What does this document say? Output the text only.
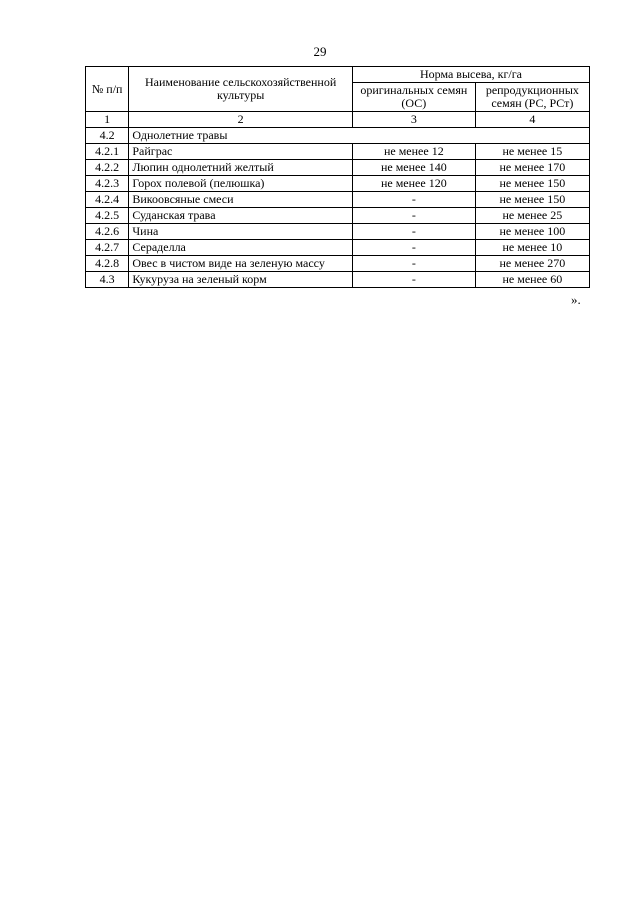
29
№ п/п	Наименование сельскохозяйственной культуры	Норма высева, кг/га	
		оригинальных семян (ОС)	репродукционных семян (РС, РСт)
1	2	3	4
4.2	Однолетние травы		
4.2.1	Райграс	не менее 12	не менее 15
4.2.2	Люпин однолетний желтый	не менее 140	не менее 170
4.2.3	Горох полевой (пелюшка)	не менее 120	не менее 150
4.2.4	Викоовсяные смеси	-	не менее 150
4.2.5	Суданская трава	-	не менее 25
4.2.6	Чина	-	не менее 100
4.2.7	Сераделла	-	не менее 10
4.2.8	Овес в чистом виде на зеленую массу	-	не менее 270
4.3	Кукуруза на зеленый корм	-	не менее 60
».
